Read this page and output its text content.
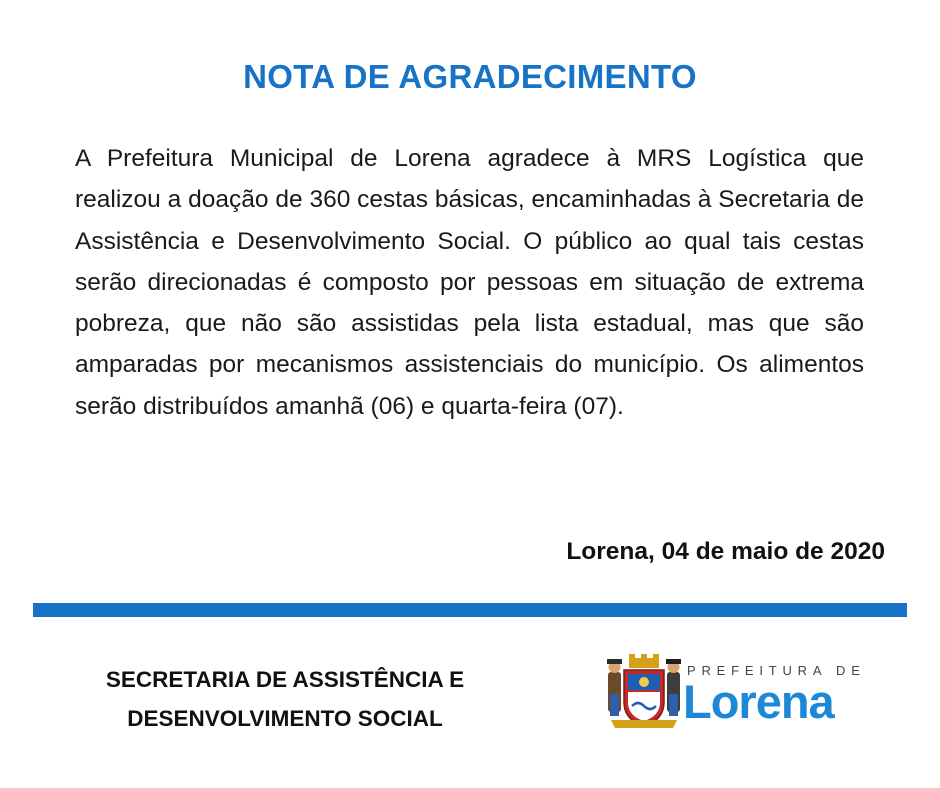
NOTA DE AGRADECIMENTO

A Prefeitura Municipal de Lorena agradece à MRS Logística que realizou a doação de 360 cestas básicas, encaminhadas à Secretaria de Assistência e Desenvolvimento Social. O público ao qual tais cestas serão direcionadas é composto por pessoas em situação de extrema pobreza, que não são assistidas pela lista estadual, mas que são amparadas por mecanismos assistenciais do município. Os alimentos serão distribuídos amanhã (06) e quarta-feira (07).

Lorena, 04 de maio de 2020
SECRETARIA DE ASSISTÊNCIA E
DESENVOLVIMENTO SOCIAL
PREFEITURA DE
Lorena
